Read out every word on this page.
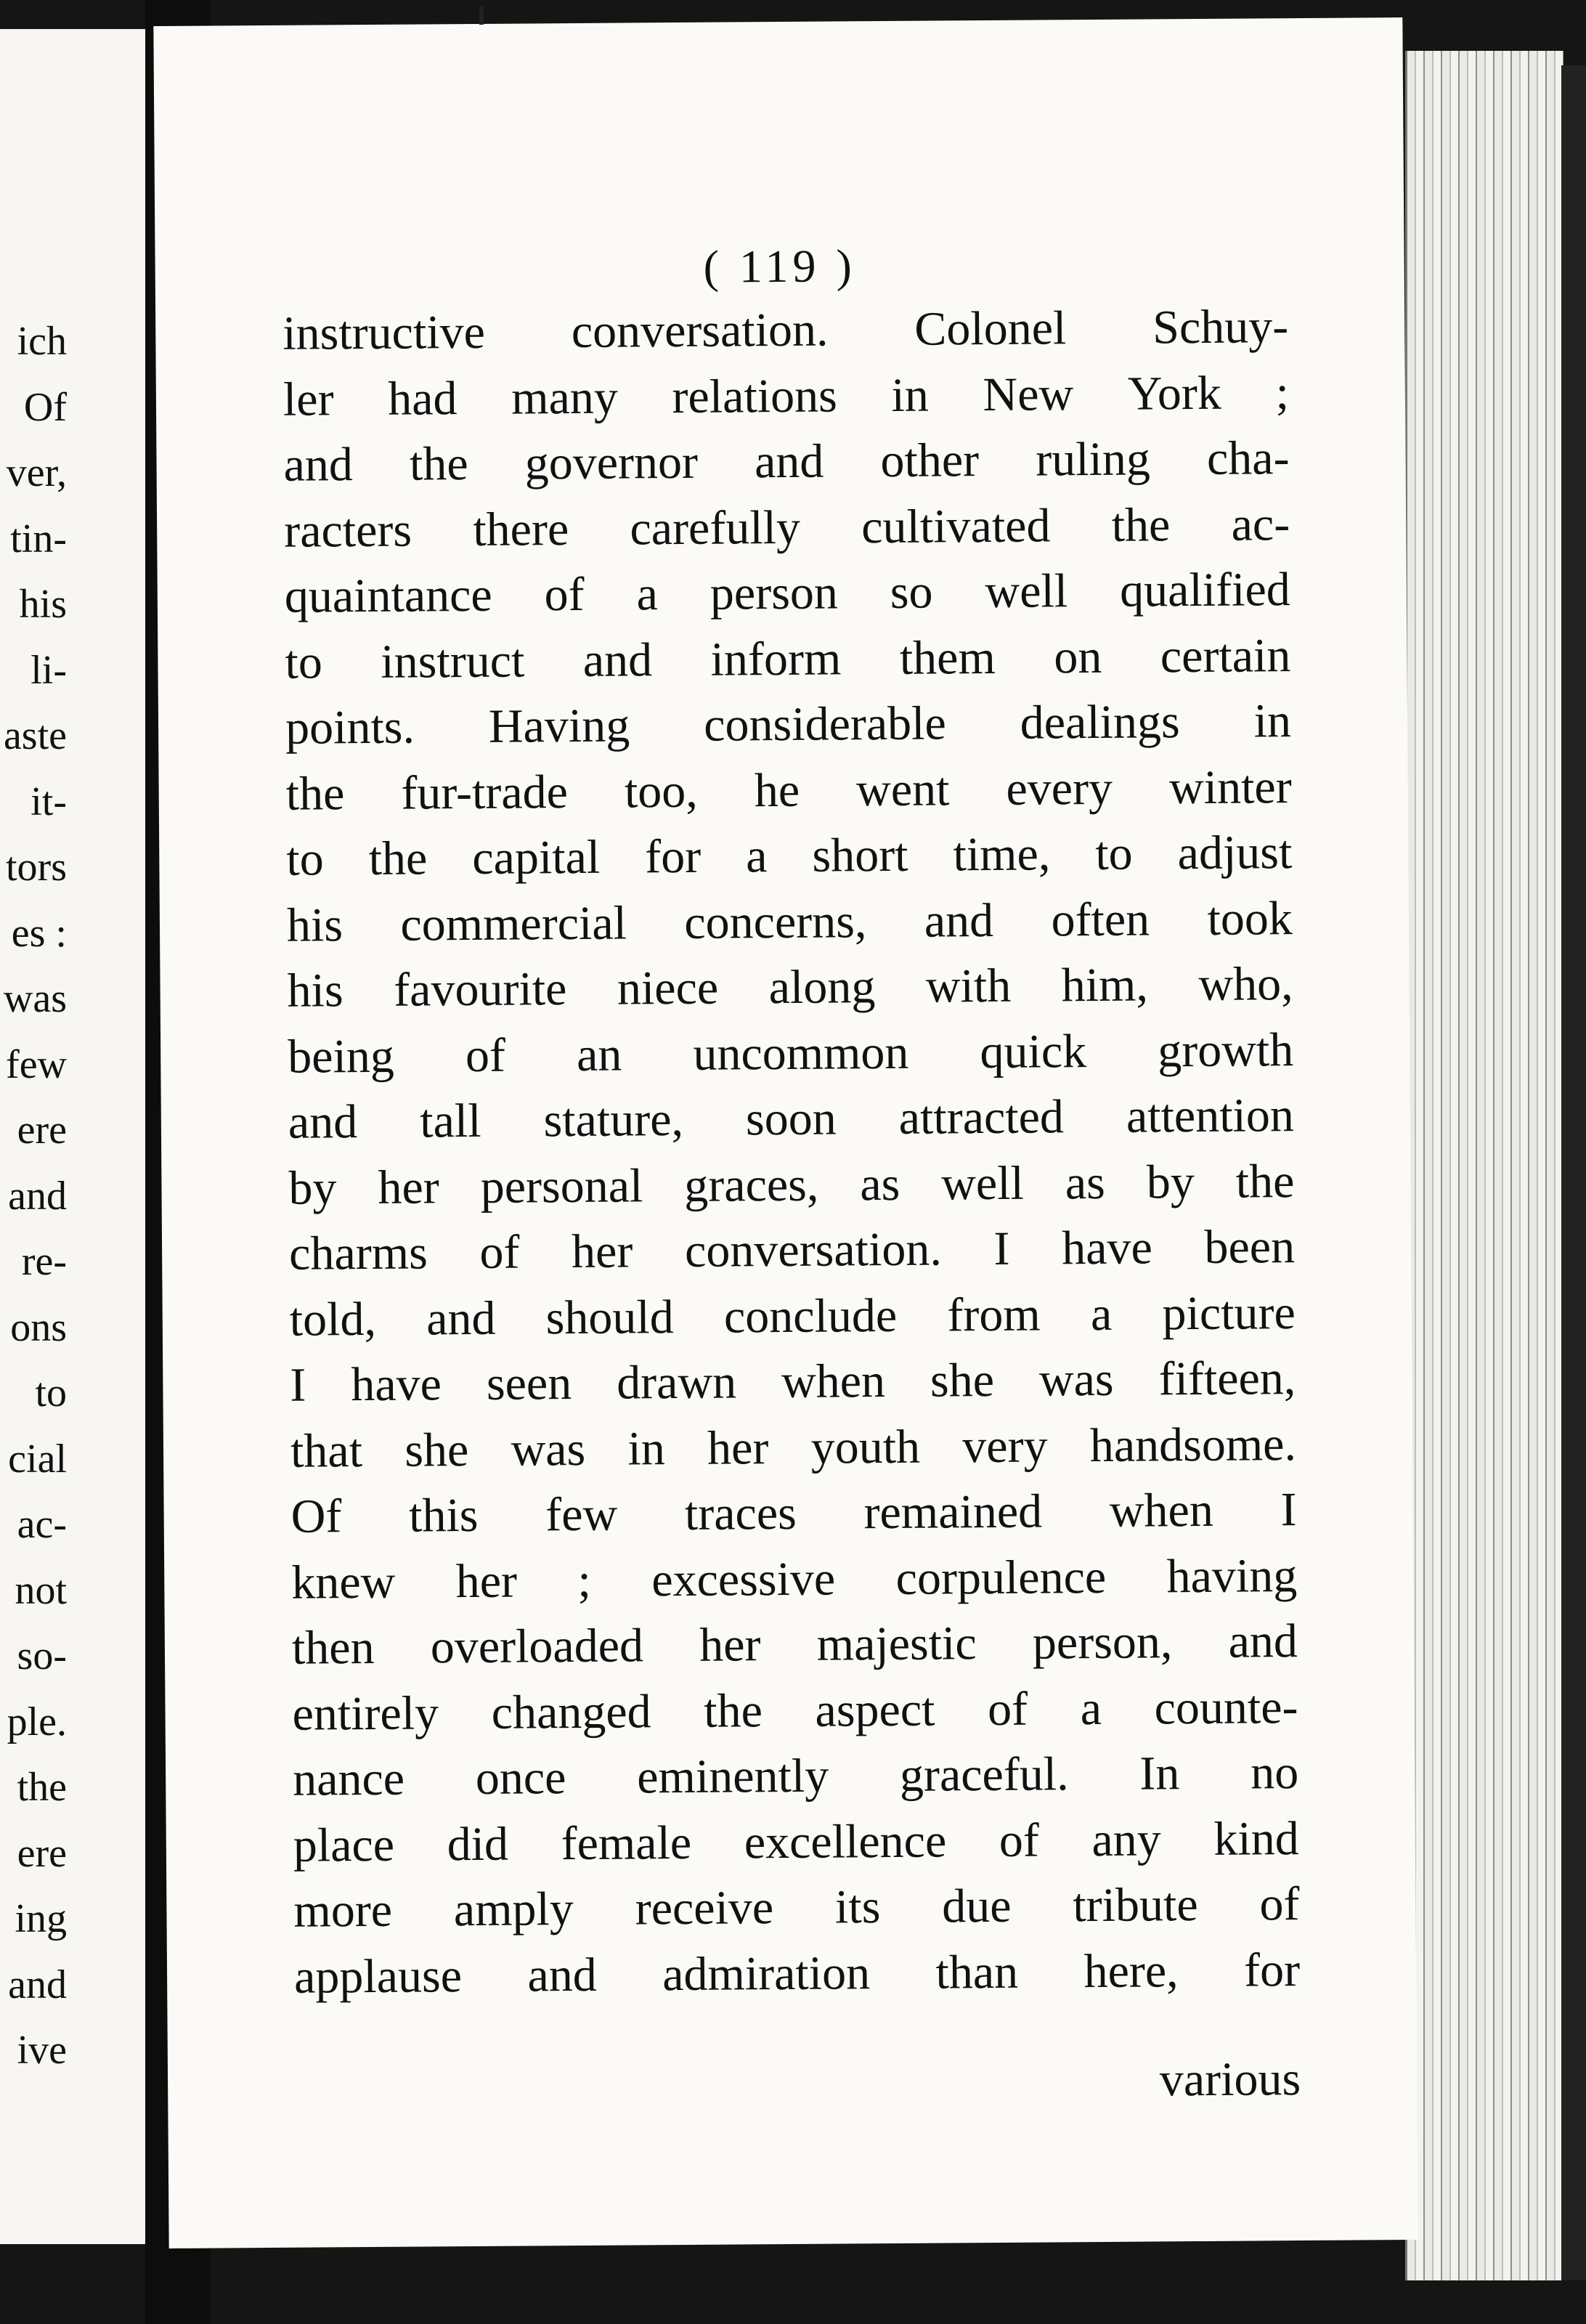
ich
Of
ver,
tin-
his
li-
aste
it-
tors
es :
was
few
ere
and
re-
ons
to
cial
ac-
not
so-
ple.
the
ere
ing
and
ive
( 119 )
instructive conversation. Colonel Schuy-
ler had many relations in New York ;
and the governor and other ruling cha-
racters there carefully cultivated the ac-
quaintance of a person so well qualified
to instruct and inform them on certain
points. Having considerable dealings in
the fur-trade too, he went every winter
to the capital for a short time, to adjust
his commercial concerns, and often took
his favourite niece along with him, who,
being of an uncommon quick growth
and tall stature, soon attracted attention
by her personal graces, as well as by the
charms of her conversation. I have been
told, and should conclude from a picture
I have seen drawn when she was fifteen,
that she was in her youth very handsome.
Of this few traces remained when I
knew her ; excessive corpulence having
then overloaded her majestic person, and
entirely changed the aspect of a counte-
nance once eminently graceful. In no
place did female excellence of any kind
more amply receive its due tribute of
applause and admiration than here, for
various
